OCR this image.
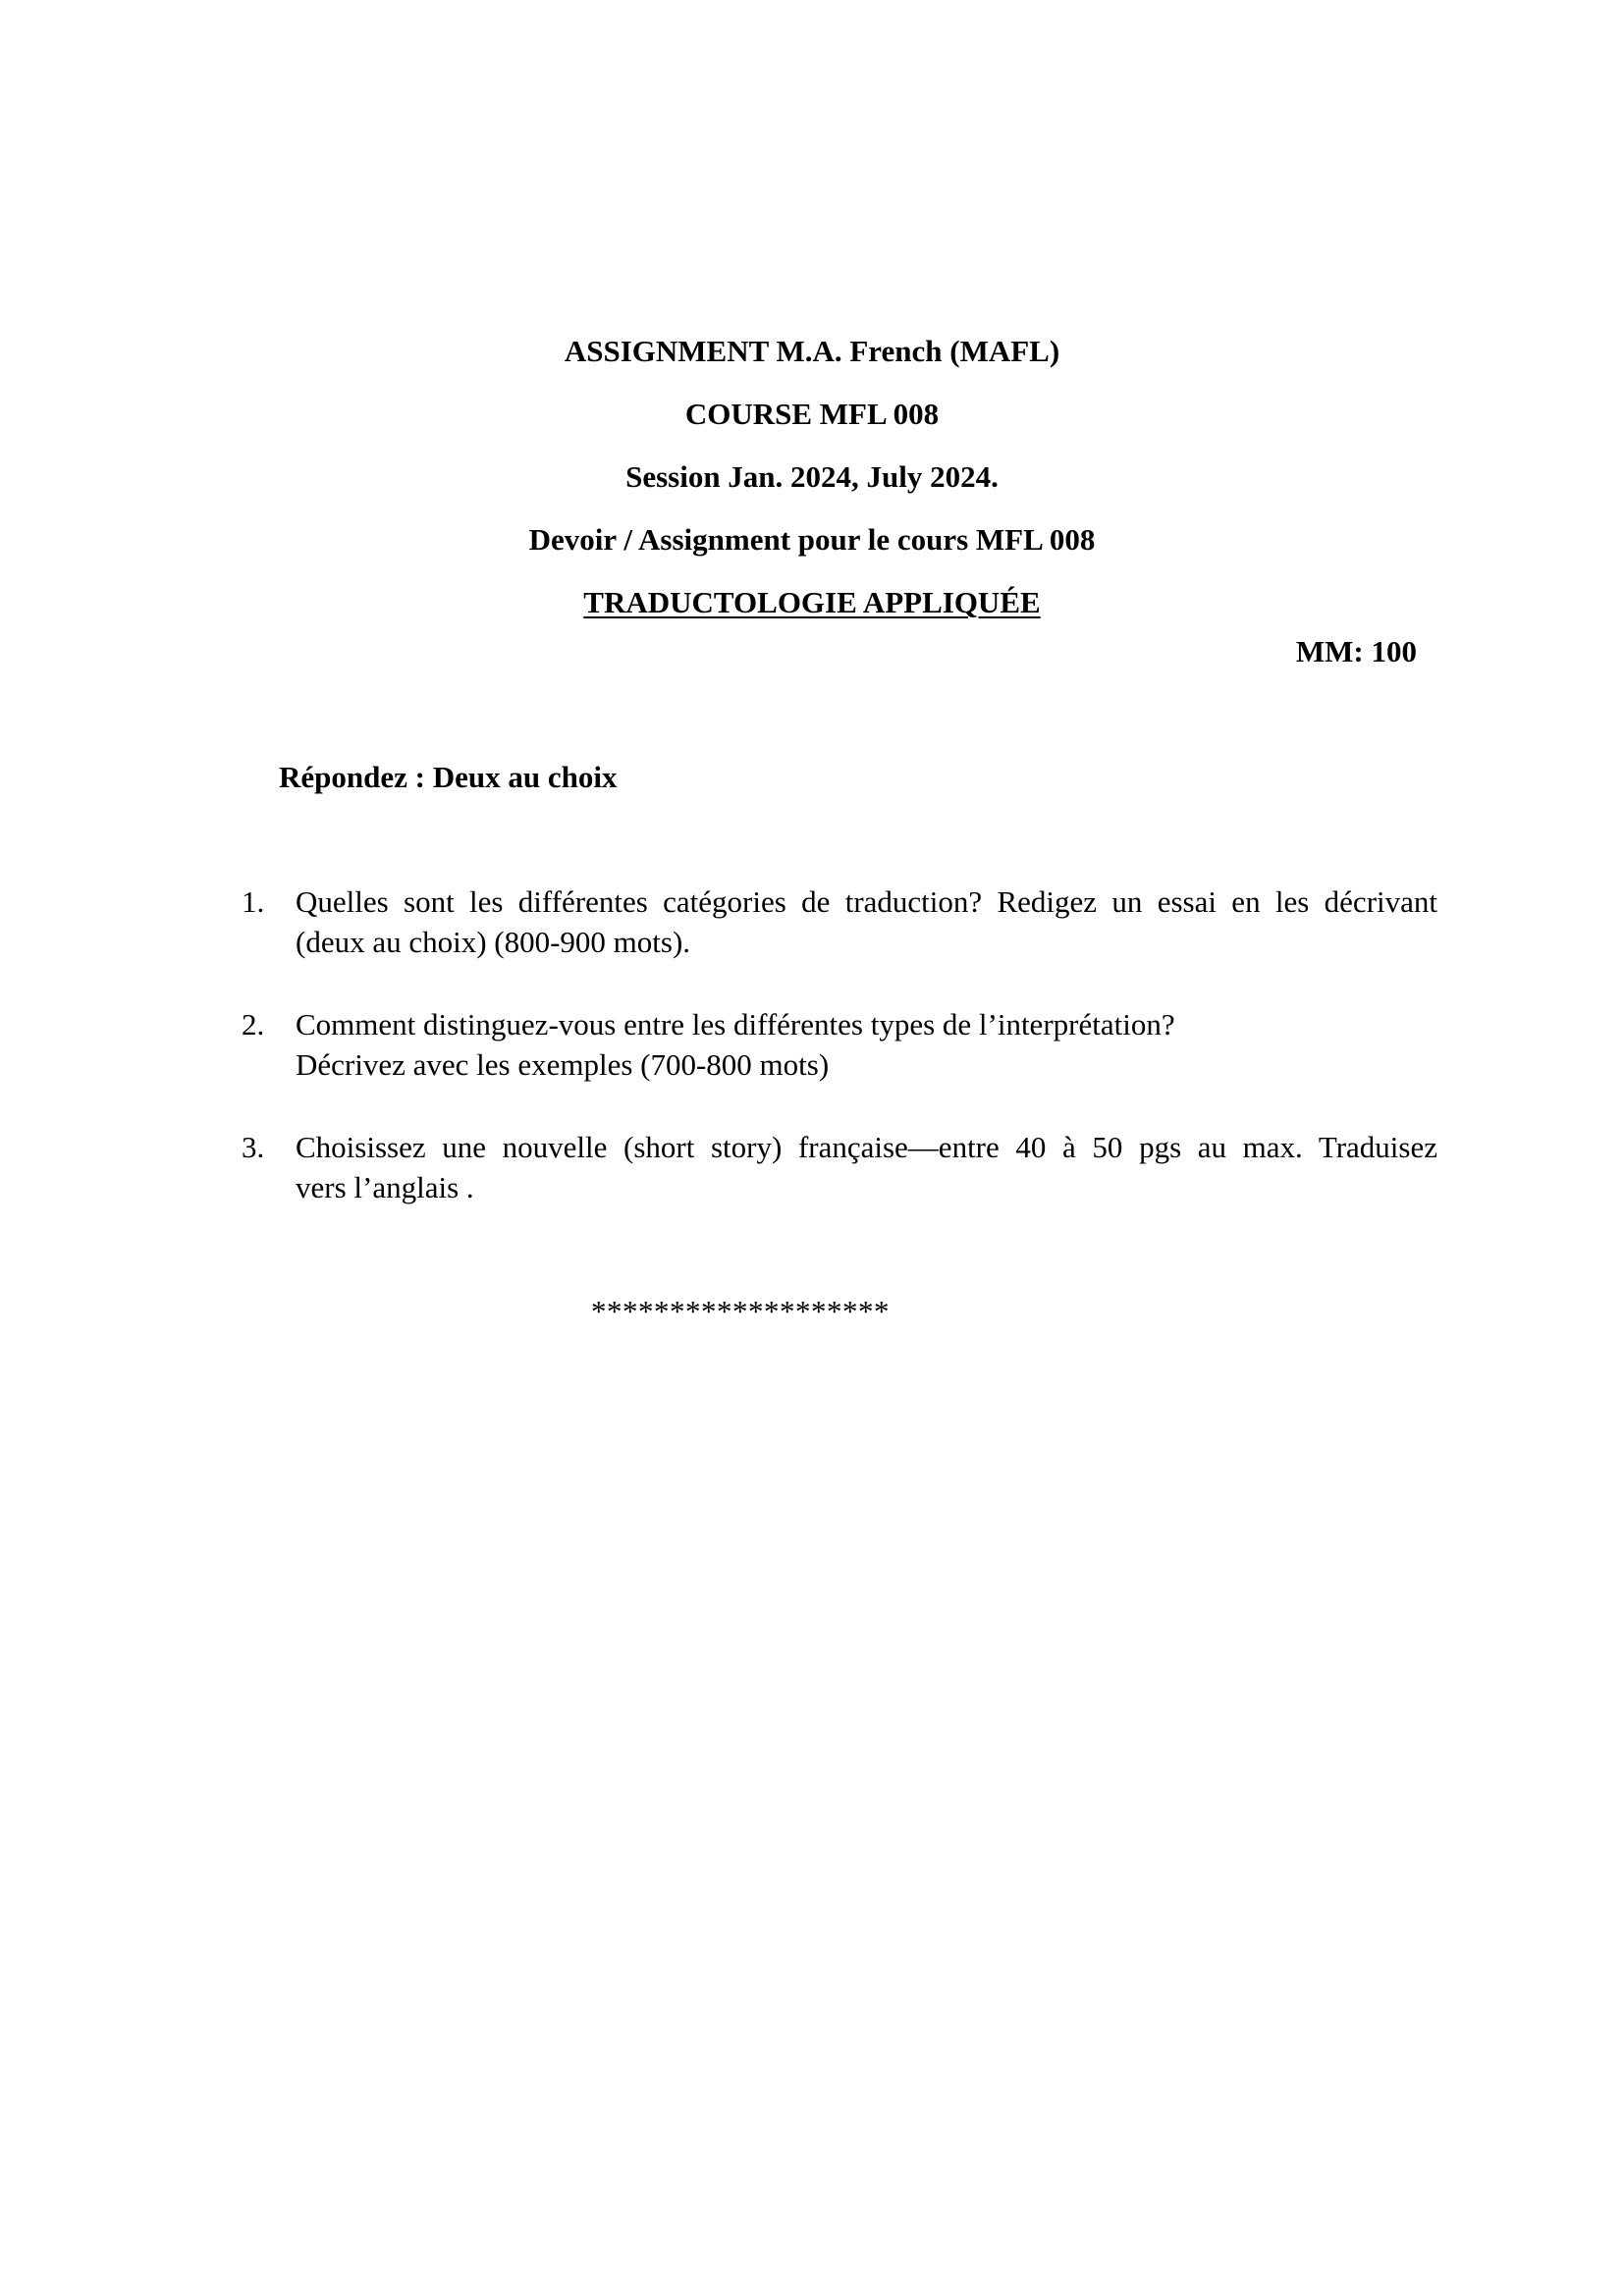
ASSIGNMENT M.A. French (MAFL)

COURSE MFL 008

Session Jan. 2024, July 2024.

Devoir / Assignment pour le cours MFL 008

TRADUCTOLOGIE APPLIQUÉE

MM: 100
Répondez : Deux au choix
1. Quelles sont les différentes catégories de traduction? Redigez un essai en les décrivant
(deux au choix) (800-900 mots).
2. Comment distinguez-vous entre les différentes types de l’interprétation?
Décrivez avec les exemples (700-800 mots)
3. Choisissez une nouvelle (short story) française—entre 40 à 50 pgs au max. Traduisez
vers l’anglais .
*******************
